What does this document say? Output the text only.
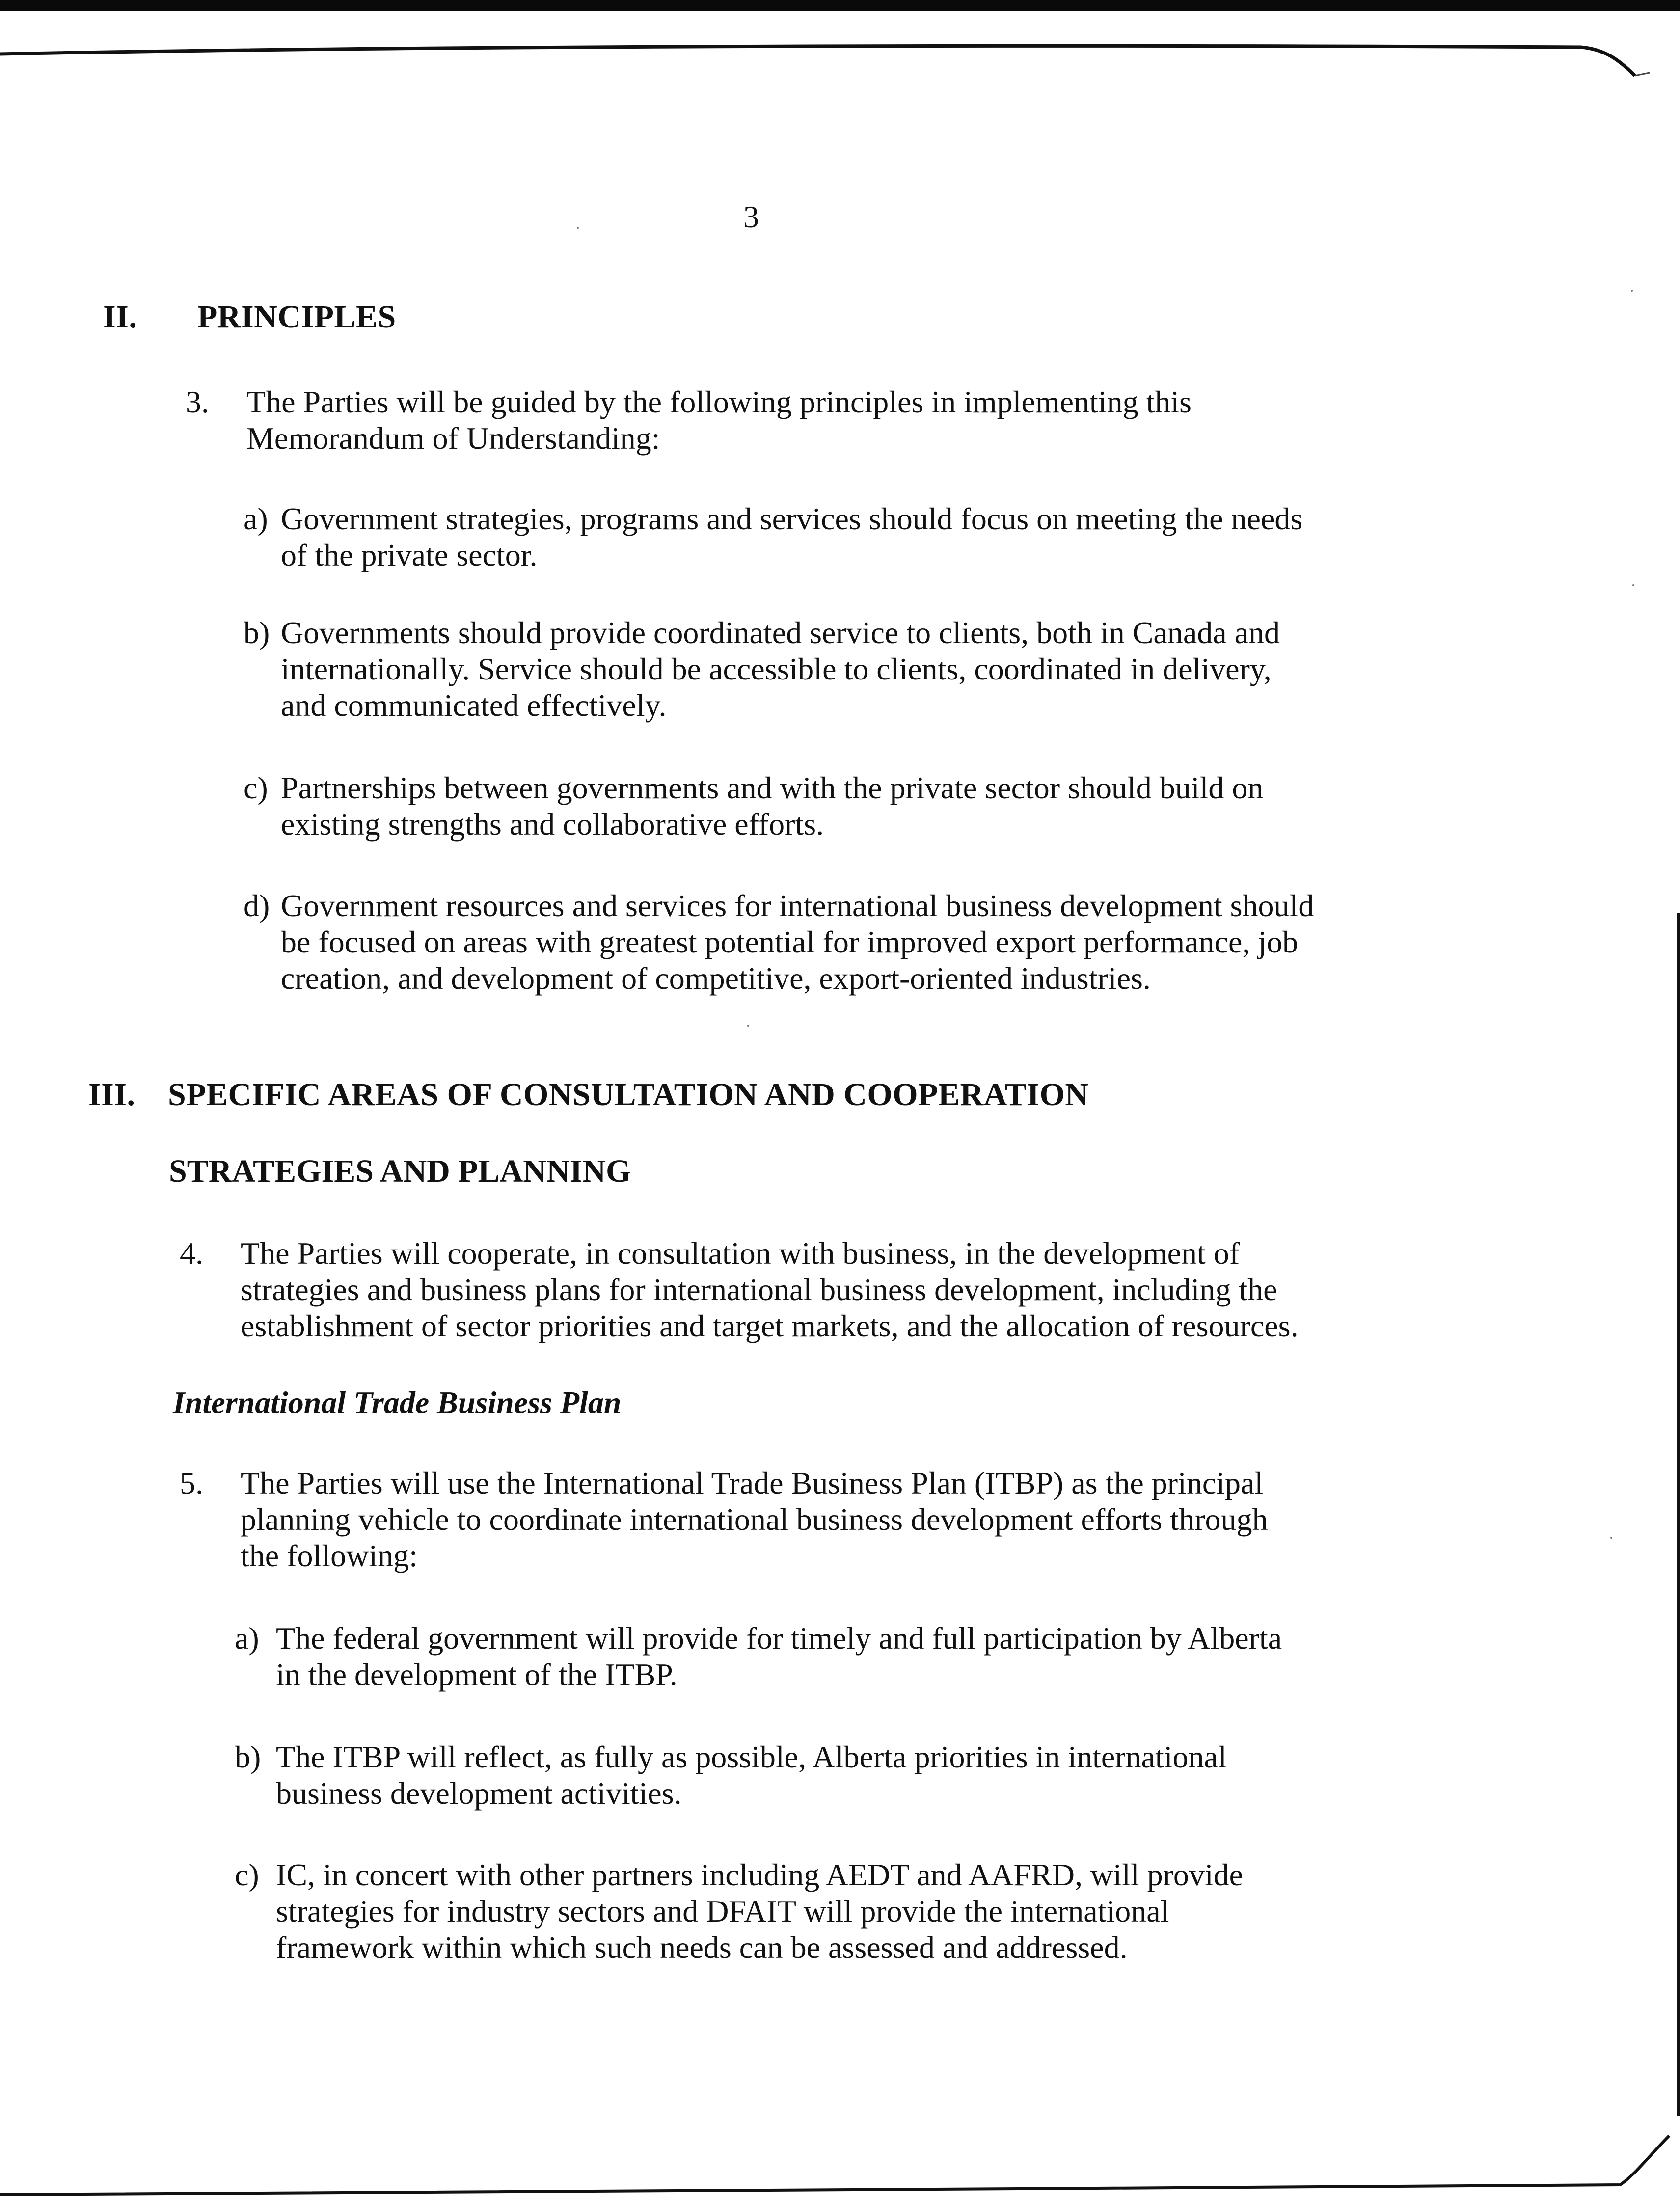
3
II. PRINCIPLES
3. The Parties will be guided by the following principles in implementing this
Memorandum of Understanding:
a) Government strategies, programs and services should focus on meeting the needs
of the private sector.
b) Governments should provide coordinated service to clients, both in Canada and
internationally. Service should be accessible to clients, coordinated in delivery,
and communicated effectively.
c) Partnerships between governments and with the private sector should build on
existing strengths and collaborative efforts.
d) Government resources and services for international business development should
be focused on areas with greatest potential for improved export performance, job
creation, and development of competitive, export-oriented industries.
III. SPECIFIC AREAS OF CONSULTATION AND COOPERATION
STRATEGIES AND PLANNING
4. The Parties will cooperate, in consultation with business, in the development of
strategies and business plans for international business development, including the
establishment of sector priorities and target markets, and the allocation of resources.
International Trade Business Plan
5. The Parties will use the International Trade Business Plan (ITBP) as the principal
planning vehicle to coordinate international business development efforts through
the following:
a) The federal government will provide for timely and full participation by Alberta
in the development of the ITBP.
b) The ITBP will reflect, as fully as possible, Alberta priorities in international
business development activities.
c) IC, in concert with other partners including AEDT and AAFRD, will provide
strategies for industry sectors and DFAIT will provide the international
framework within which such needs can be assessed and addressed.
